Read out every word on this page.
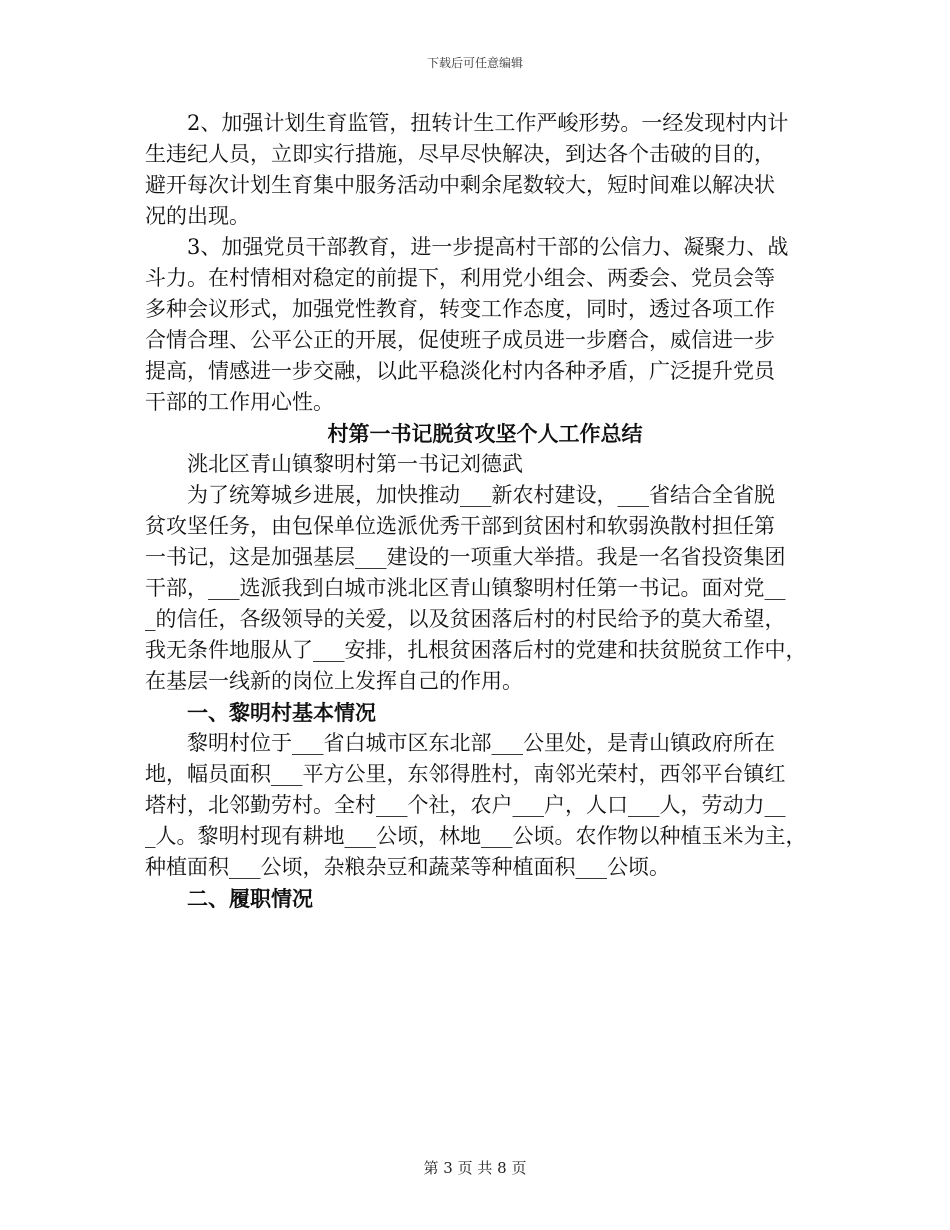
下载后可任意编辑
2、加强计划生育监管，扭转计生工作严峻形势。一经发现村内计
生违纪人员，立即实行措施，尽早尽快解决，到达各个击破的目的，
避开每次计划生育集中服务活动中剩余尾数较大，短时间难以解决状
况的出现。
3、加强党员干部教育，进一步提高村干部的公信力、凝聚力、战
斗力。在村情相对稳定的前提下，利用党小组会、两委会、党员会等
多种会议形式，加强党性教育，转变工作态度，同时，透过各项工作
合情合理、公平公正的开展，促使班子成员进一步磨合，威信进一步
提高，情感进一步交融，以此平稳淡化村内各种矛盾，广泛提升党员
干部的工作用心性。
村第一书记脱贫攻坚个人工作总结
洮北区青山镇黎明村第一书记刘德武
为了统筹城乡进展，加快推动___新农村建设，___省结合全省脱
贫攻坚任务，由包保单位选派优秀干部到贫困村和软弱涣散村担任第
一书记，这是加强基层___建设的一项重大举措。我是一名省投资集团
干部，___选派我到白城市洮北区青山镇黎明村任第一书记。面对党__
_的信任，各级领导的关爱，以及贫困落后村的村民给予的莫大希望，
我无条件地服从了___安排，扎根贫困落后村的党建和扶贫脱贫工作中，
在基层一线新的岗位上发挥自己的作用。
一、黎明村基本情况
黎明村位于___省白城市区东北部___公里处，是青山镇政府所在
地，幅员面积___平方公里，东邻得胜村，南邻光荣村，西邻平台镇红
塔村，北邻勤劳村。全村___个社，农户___户，人口___人，劳动力__
_人。黎明村现有耕地___公顷，林地___公顷。农作物以种植玉米为主，
种植面积___公顷，杂粮杂豆和蔬菜等种植面积___公顷。
二、履职情况
第 3 页 共 8 页
